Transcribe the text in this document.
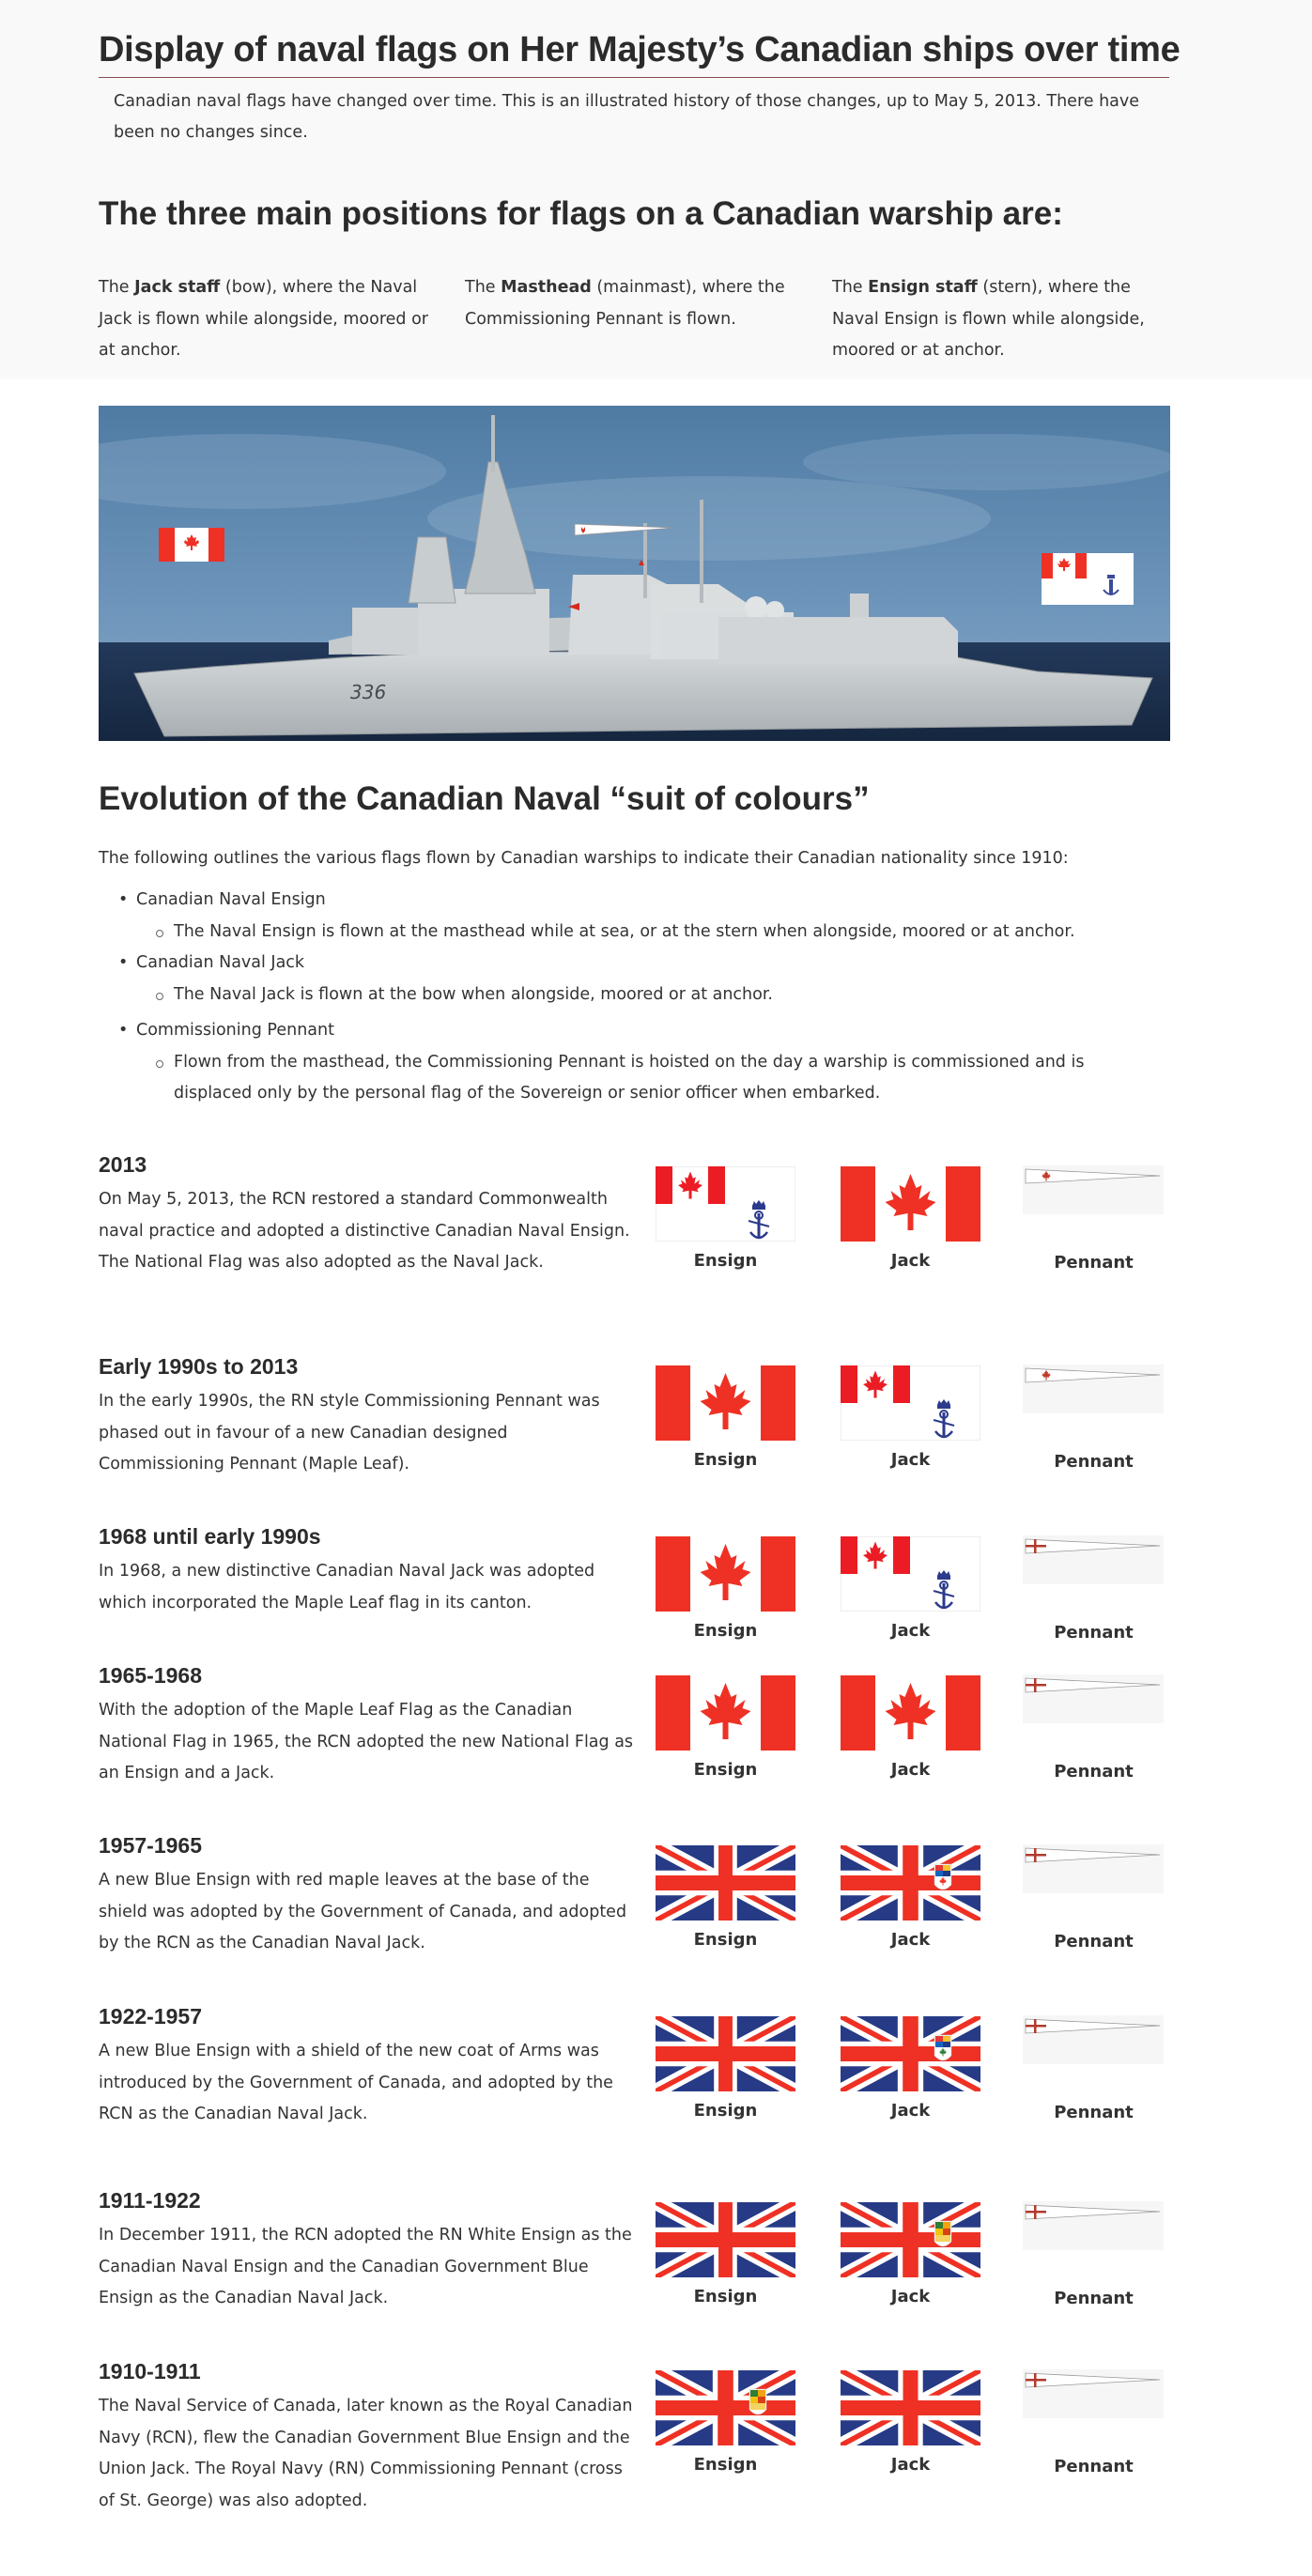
Display of naval flags on Her Majesty’s Canadian ships over time

Canadian naval flags have changed over time. This is an illustrated history of those changes, up to May 5, 2013. There have been no changes since.

The three main positions for flags on a Canadian warship are:

The Jack staff (bow), where the Naval Jack is flown while alongside, moored or at anchor.

The Masthead (mainmast), where the Commissioning Pennant is flown.

The Ensign staff (stern), where the Naval Ensign is flown while alongside, moored or at anchor.

336
Evolution of the Canadian Naval “suit of colours”

The following outlines the various flags flown by Canadian warships to indicate their Canadian nationality since 1910:

• Canadian Naval Ensign
The Naval Ensign is flown at the masthead while at sea, or at the stern when alongside, moored or at anchor.
• Canadian Naval Jack
The Naval Jack is flown at the bow when alongside, moored or at anchor.
• Commissioning Pennant
Flown from the masthead, the Commissioning Pennant is hoisted on the day a warship is commissioned and is displaced only by the personal flag of the Sovereign or senior officer when embarked.
2013

On May 5, 2013, the RCN restored a standard Commonwealth naval practice and adopted a distinctive Canadian Naval Ensign. The National Flag was also adopted as the Naval Jack.	Ensign	Jack	Pennant
Early 1990s to 2013

In the early 1990s, the RN style Commissioning Pennant was phased out in favour of a new Canadian designed Commissioning Pennant (Maple Leaf).	Ensign	Jack	Pennant
1968 until early 1990s

In 1968, a new distinctive Canadian Naval Jack was adopted which incorporated the Maple Leaf flag in its canton.

Ensign	Jack	Pennant
1965-1968

With the adoption of the Maple Leaf Flag as the Canadian National Flag in 1965, the RCN adopted the new National Flag as an Ensign and a Jack.	Ensign	Jack	Pennant
1957-1965

A new Blue Ensign with red maple leaves at the base of the shield was adopted by the Government of Canada, and adopted by the RCN as the Canadian Naval Jack.	Ensign	Jack	Pennant
1922-1957

A new Blue Ensign with a shield of the new coat of Arms was introduced by the Government of Canada, and adopted by the RCN as the Canadian Naval Jack.	Ensign	Jack	Pennant
1911-1922

In December 1911, the RCN adopted the RN White Ensign as the Canadian Naval Ensign and the Canadian Government Blue Ensign as the Canadian Naval Jack.	Ensign	Jack	Pennant
1910-1911

The Naval Service of Canada, later known as the Royal Canadian Navy (RCN), flew the Canadian Government Blue Ensign and the Union Jack. The Royal Navy (RN) Commissioning Pennant (cross of St. George) was also adopted.

Ensign	Jack	Pennant
